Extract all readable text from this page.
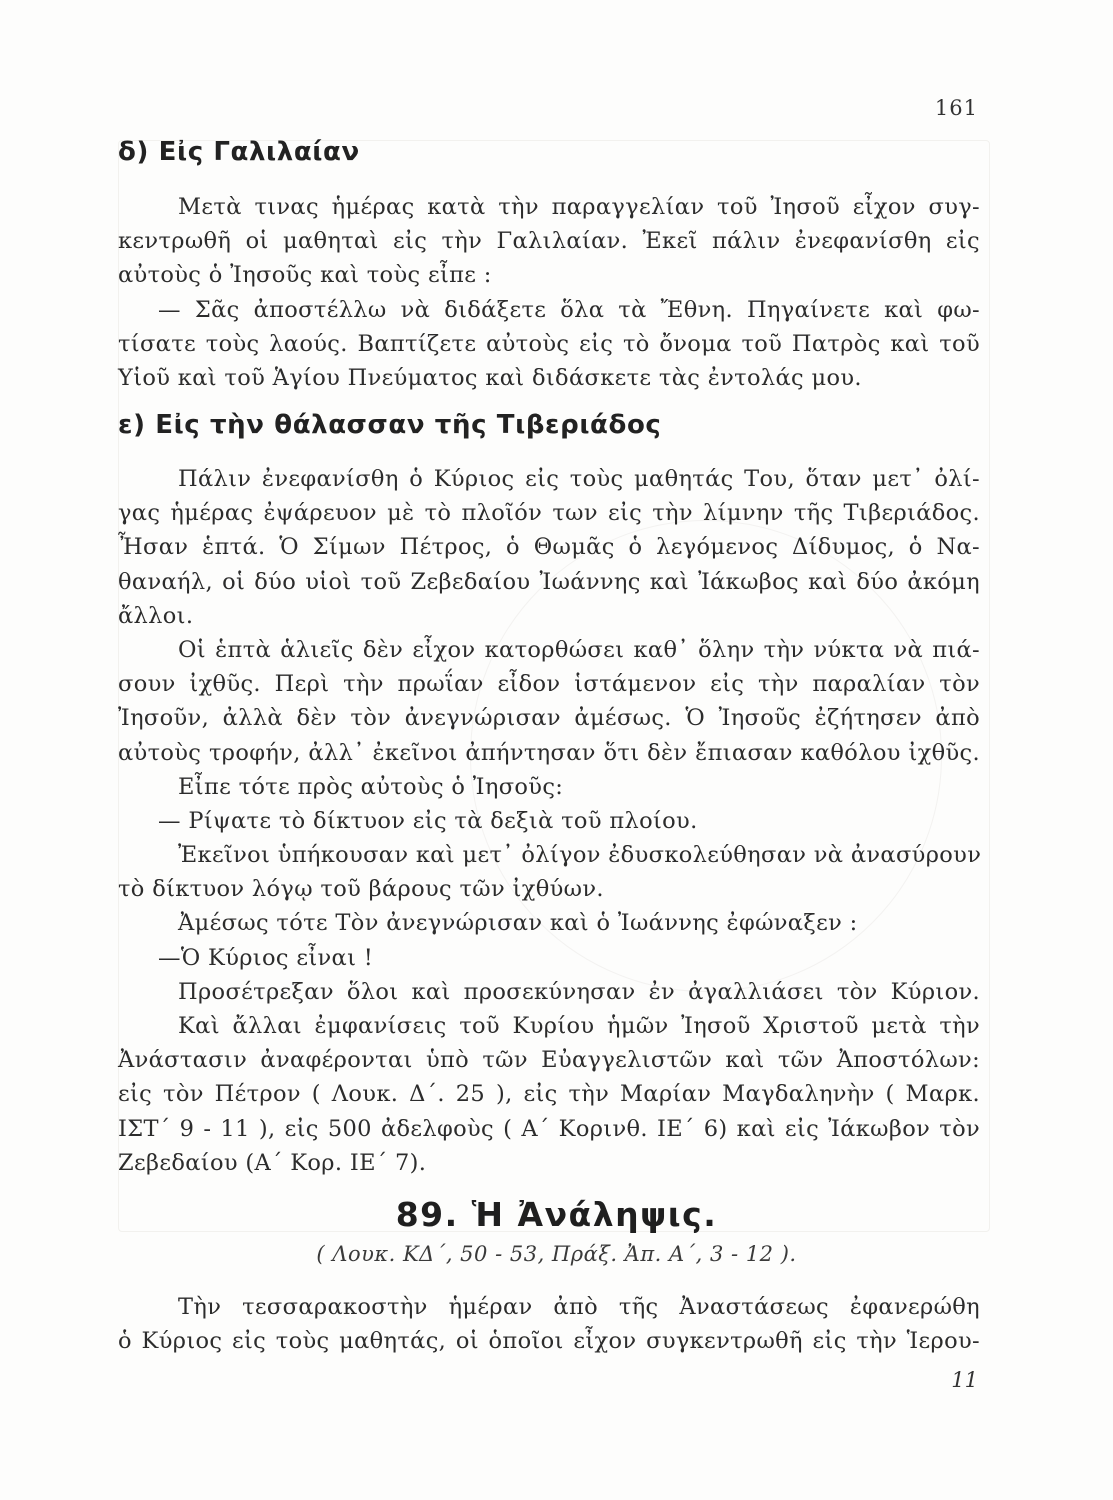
161
δ) Εἰς Γαλιλαίαν
Μετὰ τινας ἡμέρας κατὰ τὴν παραγγελίαν τοῦ Ἰησοῦ εἶχον συγ-
κεντρωθῆ οἱ μαθηταὶ εἰς τὴν Γαλιλαίαν. Ἐκεῖ πάλιν ἐνεφανίσθη εἰς
αὐτοὺς ὁ Ἰησοῦς καὶ τοὺς εἶπε :
— Σᾶς ἀποστέλλω νὰ διδάξετε ὅλα τὰ Ἔθνη. Πηγαίνετε καὶ φω-
τίσατε τοὺς λαούς. Βαπτίζετε αὐτοὺς εἰς τὸ ὄνομα τοῦ Πατρὸς καὶ τοῦ
Υἱοῦ καὶ τοῦ Ἁγίου Πνεύματος καὶ διδάσκετε τὰς ἐντολάς μου.
ε) Εἰς τὴν θάλασσαν τῆς Τιβεριάδος
Πάλιν ἐνεφανίσθη ὁ Κύριος εἰς τοὺς μαθητάς Του, ὅταν μετ᾽ ὀλί-
γας ἡμέρας ἐψάρευον μὲ τὸ πλοῖόν των εἰς τὴν λίμνην τῆς Τιβεριάδος.
Ἦσαν ἑπτά. Ὁ Σίμων Πέτρος, ὁ Θωμᾶς ὁ λεγόμενος Δίδυμος, ὁ Να-
θαναήλ, οἱ δύο υἱοὶ τοῦ Ζεβεδαίου Ἰωάννης καὶ Ἰάκωβος καὶ δύο ἀκόμη
ἄλλοι.
Οἱ ἑπτὰ ἁλιεῖς δὲν εἶχον κατορθώσει καθ᾽ ὅλην τὴν νύκτα νὰ πιά-
σουν ἰχθῦς. Περὶ τὴν πρωΐαν εἶδον ἱστάμενον εἰς τὴν παραλίαν τὸν
Ἰησοῦν, ἀλλὰ δὲν τὸν ἀνεγνώρισαν ἀμέσως. Ὁ Ἰησοῦς ἐζήτησεν ἀπὸ
αὐτοὺς τροφήν, ἀλλ᾽ ἐκεῖνοι ἀπήντησαν ὅτι δὲν ἔπιασαν καθόλου ἰχθῦς.
Εἶπε τότε πρὸς αὐτοὺς ὁ Ἰησοῦς:
— Ρίψατε τὸ δίκτυον εἰς τὰ δεξιὰ τοῦ πλοίου.
Ἐκεῖνοι ὑπήκουσαν καὶ μετ᾽ ὀλίγον ἐδυσκολεύθησαν νὰ ἀνασύρουν
τὸ δίκτυον λόγῳ τοῦ βάρους τῶν ἰχθύων.
Ἀμέσως τότε Τὸν ἀνεγνώρισαν καὶ ὁ Ἰωάννης ἐφώναξεν :
—Ὁ Κύριος εἶναι !
Προσέτρεξαν ὅλοι καὶ προσεκύνησαν ἐν ἀγαλλιάσει τὸν Κύριον.
Καὶ ἄλλαι ἐμφανίσεις τοῦ Κυρίου ἡμῶν Ἰησοῦ Χριστοῦ μετὰ τὴν
Ἀνάστασιν ἀναφέρονται ὑπὸ τῶν Εὐαγγελιστῶν καὶ τῶν Ἀποστόλων:
εἰς τὸν Πέτρον ( Λουκ. Δ΄. 25 ), εἰς τὴν Μαρίαν Μαγδαληνὴν ( Μαρκ.
ΙΣΤ΄ 9 - 11 ), εἰς 500 ἀδελφοὺς ( Α΄ Κορινθ. ΙΕ΄ 6) καὶ εἰς Ἰάκωβον τὸν
Ζεβεδαίου (Α΄ Κορ. ΙΕ΄ 7).
89. Ἡ Ἀνάληψις.
( Λουκ. ΚΔ΄, 50 - 53, Πράξ. Ἀπ. Α΄, 3 - 12 ).
Τὴν τεσσαρακοστὴν ἡμέραν ἀπὸ τῆς Ἀναστάσεως ἐφανερώθη
ὁ Κύριος εἰς τοὺς μαθητάς, οἱ ὁποῖοι εἶχον συγκεντρωθῆ εἰς τὴν Ἱερου-
11
